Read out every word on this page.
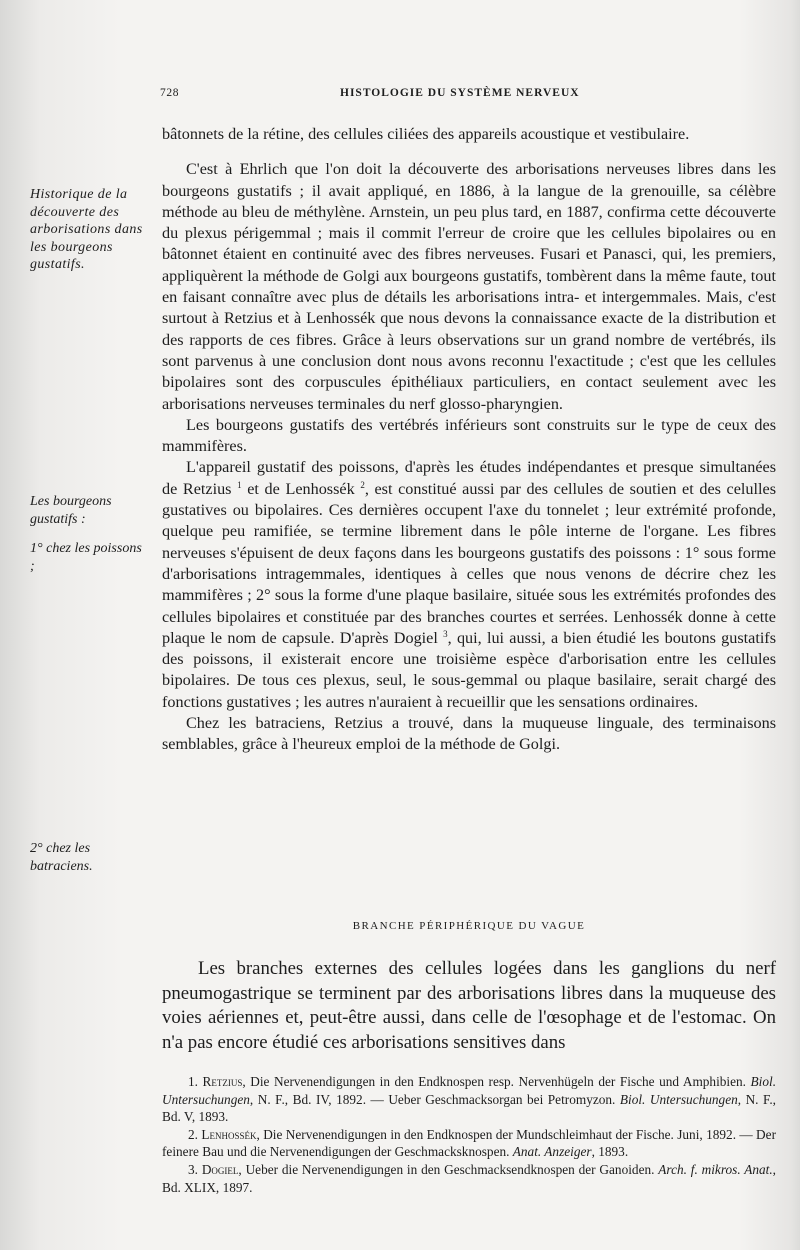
728	HISTOLOGIE DU SYSTÈME NERVEUX
Historique de la découverte des arborisations dans les bourgeons gustatifs.
Les bourgeons gustatifs :
1° chez les poissons ;
2° chez les batraciens.

bâtonnets de la rétine, des cellules ciliées des appareils acoustique et vestibulaire.

C'est à Ehrlich que l'on doit la découverte des arborisations nerveuses libres dans les bourgeons gustatifs ; il avait appliqué, en 1886, à la langue de la grenouille, sa célèbre méthode au bleu de méthylène. Arnstein, un peu plus tard, en 1887, confirma cette découverte du plexus périgemmal ; mais il commit l'erreur de croire que les cellules bipolaires ou en bâtonnet étaient en continuité avec des fibres nerveuses. Fusari et Panasci, qui, les premiers, appliquèrent la méthode de Golgi aux bourgeons gustatifs, tombèrent dans la même faute, tout en faisant connaître avec plus de détails les arborisations intra- et intergemmales. Mais, c'est surtout à Retzius et à Lenhossék que nous devons la connaissance exacte de la distribution et des rapports de ces fibres. Grâce à leurs observations sur un grand nombre de vertébrés, ils sont parvenus à une conclusion dont nous avons reconnu l'exactitude ; c'est que les cellules bipolaires sont des corpuscules épithéliaux particuliers, en contact seulement avec les arborisations nerveuses terminales du nerf glosso-pharyngien.

Les bourgeons gustatifs des vertébrés inférieurs sont construits sur le type de ceux des mammifères.

L'appareil gustatif des poissons, d'après les études indépendantes et presque simultanées de Retzius $^1$ et de Lenhossék $^2$, est constitué aussi par des cellules de soutien et des celulles gustatives ou bipolaires. Ces dernières occupent l'axe du tonnelet ; leur extrémité profonde, quelque peu ramifiée, se termine librement dans le pôle interne de l'organe. Les fibres nerveuses s'épuisent de deux façons dans les bourgeons gustatifs des poissons : 1° sous forme d'arborisations intragemmales, identiques à celles que nous venons de décrire chez les mammifères ; 2° sous la forme d'une plaque basilaire, située sous les extrémités profondes des cellules bipolaires et constituée par des branches courtes et serrées. Lenhossék donne à cette plaque le nom de capsule. D'après Dogiel $^3$, qui, lui aussi, a bien étudié les boutons gustatifs des poissons, il existerait encore une troisième espèce d'arborisation entre les cellules bipolaires. De tous ces plexus, seul, le sous-gemmal ou plaque basilaire, serait chargé des fonctions gustatives ; les autres n'auraient à recueillir que les sensations ordinaires.

Chez les batraciens, Retzius a trouvé, dans la muqueuse linguale, des terminaisons semblables, grâce à l'heureux emploi de la méthode de Golgi.

BRANCHE PÉRIPHÉRIQUE DU VAGUE

Les branches externes des cellules logées dans les ganglions du nerf pneumogastrique se terminent par des arborisations libres dans la muqueuse des voies aériennes et, peut-être aussi, dans celle de l'œsophage et de l'estomac. On n'a pas encore étudié ces arborisations sensitives dans

1. Retzius, Die Nervenendigungen in den Endknospen resp. Nervenhügeln der Fische und Amphibien. Biol. Untersuchungen, N. F., Bd. IV, 1892. — Ueber Geschmacksorgan bei Petromyzon. Biol. Untersuchungen, N. F., Bd. V, 1893.

2. Lenhossék, Die Nervenendigungen in den Endknospen der Mundschleimhaut der Fische. Juni, 1892. — Der feinere Bau und die Nervenendigungen der Geschmacksknospen. Anat. Anzeiger, 1893.

3. Dogiel, Ueber die Nervenendigungen in den Geschmacksendknospen der Ganoiden. Arch. f. mikros. Anat., Bd. XLIX, 1897.
